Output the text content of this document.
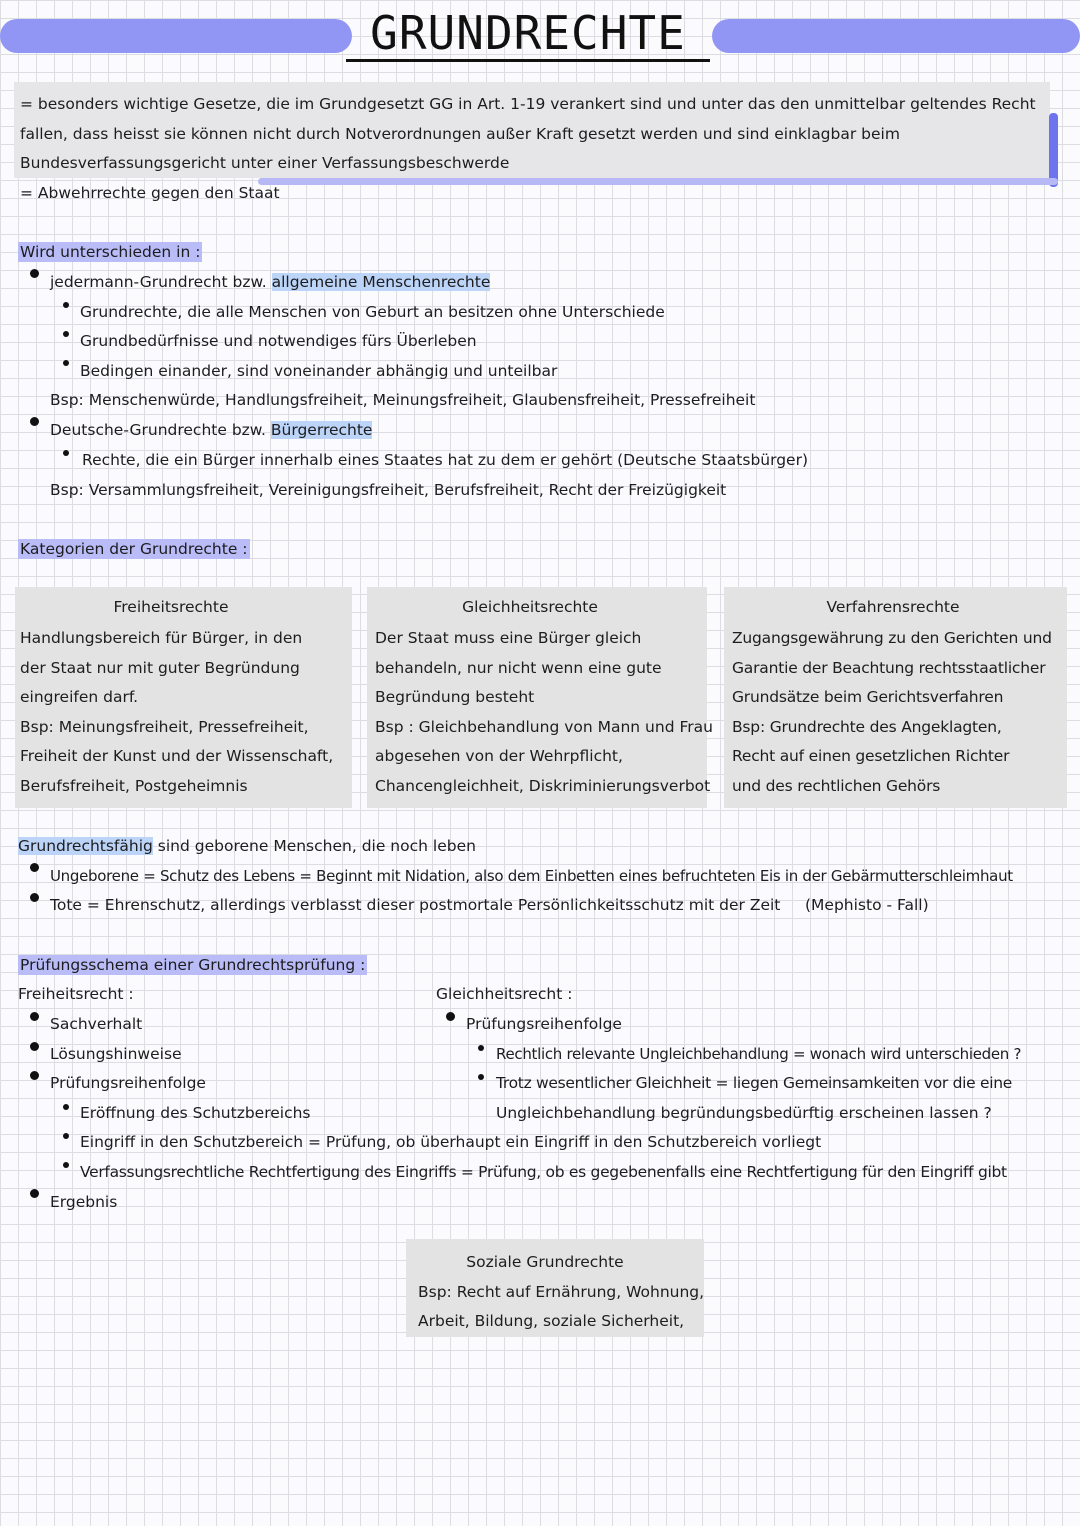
GRUNDRECHTE
= besonders wichtige Gesetze, die im Grundgesetzt GG in Art. 1-19 verankert sind und unter das den unmittelbar geltendes Recht
fallen, dass heisst sie können nicht durch Notverordnungen außer Kraft gesetzt werden und sind einklagbar beim
Bundesverfassungsgericht unter einer Verfassungsbeschwerde
= Abwehrrechte gegen den Staat
Wird unterschieden in :
jedermann-Grundrecht bzw. allgemeine Menschenrechte
Grundrechte, die alle Menschen von Geburt an besitzen ohne Unterschiede
Grundbedürfnisse und notwendiges fürs Überleben
Bedingen einander, sind voneinander abhängig und unteilbar
Bsp: Menschenwürde, Handlungsfreiheit, Meinungsfreiheit, Glaubensfreiheit, Pressefreiheit
Deutsche-Grundrechte bzw. Bürgerrechte
Rechte, die ein Bürger innerhalb eines Staates hat zu dem er gehört (Deutsche Staatsbürger)
Bsp: Versammlungsfreiheit, Vereinigungsfreiheit, Berufsfreiheit, Recht der Freizügigkeit
Kategorien der Grundrechte :
Freiheitsrechte
Handlungsbereich für Bürger, in den
der Staat nur mit guter Begründung
eingreifen darf.
Bsp: Meinungsfreiheit, Pressefreiheit,
Freiheit der Kunst und der Wissenschaft,
Berufsfreiheit, Postgeheimnis
Gleichheitsrechte
Der Staat muss eine Bürger gleich
behandeln, nur nicht wenn eine gute
Begründung besteht
Bsp : Gleichbehandlung von Mann und Frau
abgesehen von der Wehrpflicht,
Chancengleichheit, Diskriminierungsverbot
Verfahrensrechte
Zugangsgewährung zu den Gerichten und
Garantie der Beachtung rechtsstaatlicher
Grundsätze beim Gerichtsverfahren
Bsp: Grundrechte des Angeklagten,
Recht auf einen gesetzlichen Richter
und des rechtlichen Gehörs
Grundrechtsfähig sind geborene Menschen, die noch leben
Ungeborene = Schutz des Lebens = Beginnt mit Nidation, also dem Einbetten eines befruchteten Eis in der Gebärmutterschleimhaut
Tote = Ehrenschutz, allerdings verblasst dieser postmortale Persönlichkeitsschutz mit der Zeit     (Mephisto - Fall)
Prüfungsschema einer Grundrechtsprüfung :
Freiheitsrecht :
Sachverhalt
Lösungshinweise
Prüfungsreihenfolge
Eröffnung des Schutzbereichs
Eingriff in den Schutzbereich = Prüfung, ob überhaupt ein Eingriff in den Schutzbereich vorliegt
Verfassungsrechtliche Rechtfertigung des Eingriffs = Prüfung, ob es gegebenenfalls eine Rechtfertigung für den Eingriff gibt
Ergebnis
Gleichheitsrecht :
Prüfungsreihenfolge
Rechtlich relevante Ungleichbehandlung = wonach wird unterschieden ?
Trotz wesentlicher Gleichheit = liegen Gemeinsamkeiten vor die eine
Ungleichbehandlung begründungsbedürftig erscheinen lassen ?
Soziale Grundrechte
Bsp: Recht auf Ernährung, Wohnung,
Arbeit, Bildung, soziale Sicherheit,
